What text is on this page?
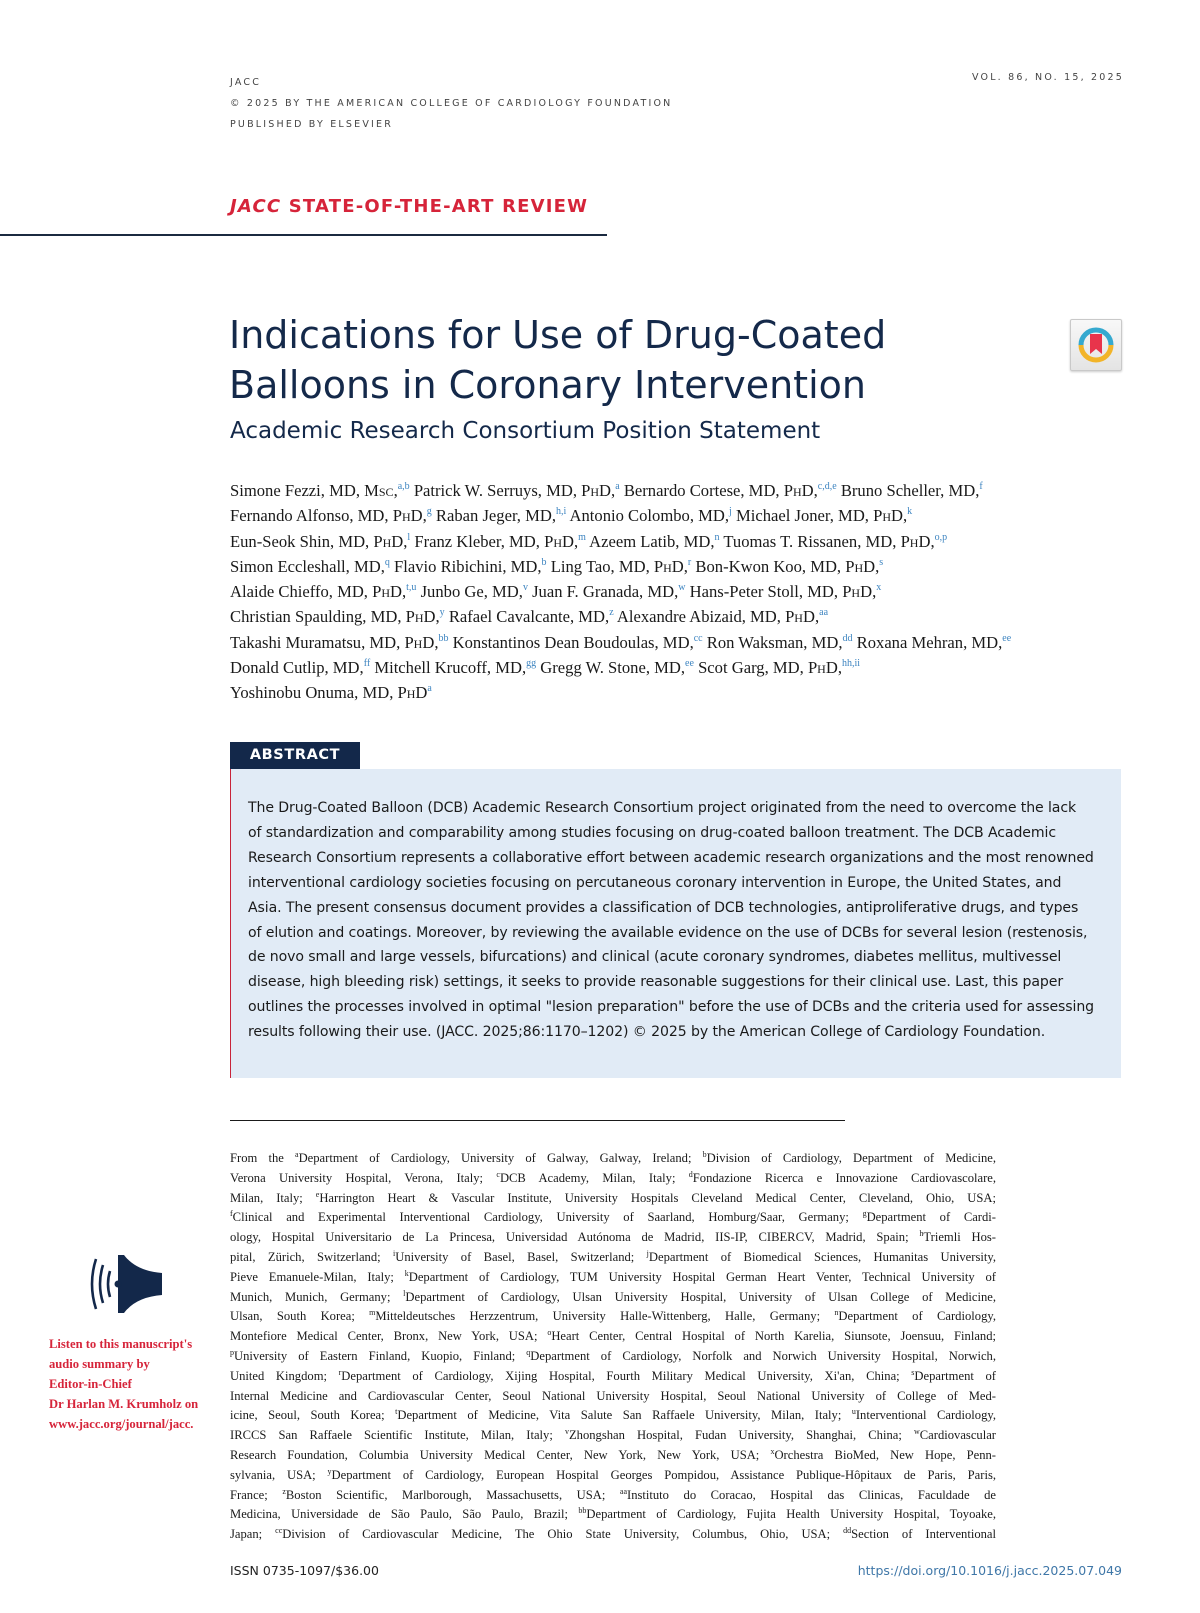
JACC
© 2025 BY THE AMERICAN COLLEGE OF CARDIOLOGY FOUNDATION
PUBLISHED BY ELSEVIER
VOL. 86, NO. 15, 2025
JACC STATE-OF-THE-ART REVIEW
Indications for Use of Drug-Coated
Balloons in Coronary Intervention
Academic Research Consortium Position Statement
Simone Fezzi, MD, Msc,$^{a,b}$ Patrick W. Serruys, MD, PhD,$^a$ Bernardo Cortese, MD, PhD,$^{c,d,e}$ Bruno Scheller, MD,$^f$
Fernando Alfonso, MD, PhD,$^g$ Raban Jeger, MD,$^{h,i}$ Antonio Colombo, MD,$^j$ Michael Joner, MD, PhD,$^k$
Eun-Seok Shin, MD, PhD,$^l$ Franz Kleber, MD, PhD,$^m$ Azeem Latib, MD,$^n$ Tuomas T. Rissanen, MD, PhD,$^{o,p}$
Simon Eccleshall, MD,$^q$ Flavio Ribichini, MD,$^b$ Ling Tao, MD, PhD,$^r$ Bon-Kwon Koo, MD, PhD,$^s$
Alaide Chieffo, MD, PhD,$^{t,u}$ Junbo Ge, MD,$^v$ Juan F. Granada, MD,$^w$ Hans-Peter Stoll, MD, PhD,$^x$
Christian Spaulding, MD, PhD,$^y$ Rafael Cavalcante, MD,$^z$ Alexandre Abizaid, MD, PhD,$^{aa}$
Takashi Muramatsu, MD, PhD,$^{bb}$ Konstantinos Dean Boudoulas, MD,$^{cc}$ Ron Waksman, MD,$^{dd}$ Roxana Mehran, MD,$^{ee}$
Donald Cutlip, MD,$^{ff}$ Mitchell Krucoff, MD,$^{gg}$ Gregg W. Stone, MD,$^{ee}$ Scot Garg, MD, PhD,$^{hh,ii}$
Yoshinobu Onuma, MD, PhD$^a$
ABSTRACT
The Drug-Coated Balloon (DCB) Academic Research Consortium project originated from the need to overcome the lack
of standardization and comparability among studies focusing on drug-coated balloon treatment. The DCB Academic
Research Consortium represents a collaborative effort between academic research organizations and the most renowned
interventional cardiology societies focusing on percutaneous coronary intervention in Europe, the United States, and
Asia. The present consensus document provides a classification of DCB technologies, antiproliferative drugs, and types
of elution and coatings. Moreover, by reviewing the available evidence on the use of DCBs for several lesion (restenosis,
de novo small and large vessels, bifurcations) and clinical (acute coronary syndromes, diabetes mellitus, multivessel
disease, high bleeding risk) settings, it seeks to provide reasonable suggestions for their clinical use. Last, this paper
outlines the processes involved in optimal "lesion preparation" before the use of DCBs and the criteria used for assessing
results following their use. (JACC. 2025;86:1170–1202) © 2025 by the American College of Cardiology Foundation.
From the $^a$Department of Cardiology, University of Galway, Galway, Ireland; $^b$Division of Cardiology, Department of Medicine,
Verona University Hospital, Verona, Italy; $^c$DCB Academy, Milan, Italy; $^d$Fondazione Ricerca e Innovazione Cardiovascolare,
Milan, Italy; $^e$Harrington Heart & Vascular Institute, University Hospitals Cleveland Medical Center, Cleveland, Ohio, USA;
$^f$Clinical and Experimental Interventional Cardiology, University of Saarland, Homburg/Saar, Germany; $^g$Department of Cardi-
ology, Hospital Universitario de La Princesa, Universidad Autónoma de Madrid, IIS-IP, CIBERCV, Madrid, Spain; $^h$Triemli Hos-
pital, Zürich, Switzerland; $^i$University of Basel, Basel, Switzerland; $^j$Department of Biomedical Sciences, Humanitas University,
Pieve Emanuele-Milan, Italy; $^k$Department of Cardiology, TUM University Hospital German Heart Venter, Technical University of
Munich, Munich, Germany; $^l$Department of Cardiology, Ulsan University Hospital, University of Ulsan College of Medicine,
Ulsan, South Korea; $^m$Mitteldeutsches Herzzentrum, University Halle-Wittenberg, Halle, Germany; $^n$Department of Cardiology,
Montefiore Medical Center, Bronx, New York, USA; $^o$Heart Center, Central Hospital of North Karelia, Siunsote, Joensuu, Finland;
$^p$University of Eastern Finland, Kuopio, Finland; $^q$Department of Cardiology, Norfolk and Norwich University Hospital, Norwich,
United Kingdom; $^r$Department of Cardiology, Xijing Hospital, Fourth Military Medical University, Xi'an, China; $^s$Department of
Internal Medicine and Cardiovascular Center, Seoul National University Hospital, Seoul National University of College of Med-
icine, Seoul, South Korea; $^t$Department of Medicine, Vita Salute San Raffaele University, Milan, Italy; $^u$Interventional Cardiology,
IRCCS San Raffaele Scientific Institute, Milan, Italy; $^v$Zhongshan Hospital, Fudan University, Shanghai, China; $^w$Cardiovascular
Research Foundation, Columbia University Medical Center, New York, New York, USA; $^x$Orchestra BioMed, New Hope, Penn-
sylvania, USA; $^y$Department of Cardiology, European Hospital Georges Pompidou, Assistance Publique-Hôpitaux de Paris, Paris,
France; $^z$Boston Scientific, Marlborough, Massachusetts, USA; $^{aa}$Instituto do Coracao, Hospital das Clinicas, Faculdade de
Medicina, Universidade de São Paulo, São Paulo, Brazil; $^{bb}$Department of Cardiology, Fujita Health University Hospital, Toyoake,
Japan; $^{cc}$Division of Cardiovascular Medicine, The Ohio State University, Columbus, Ohio, USA; $^{dd}$Section of Interventional
Listen to this manuscript's
audio summary by
Editor-in-Chief
Dr Harlan M. Krumholz on
www.jacc.org/journal/jacc.
ISSN 0735-1097/$36.00	https://doi.org/10.1016/j.jacc.2025.07.049
